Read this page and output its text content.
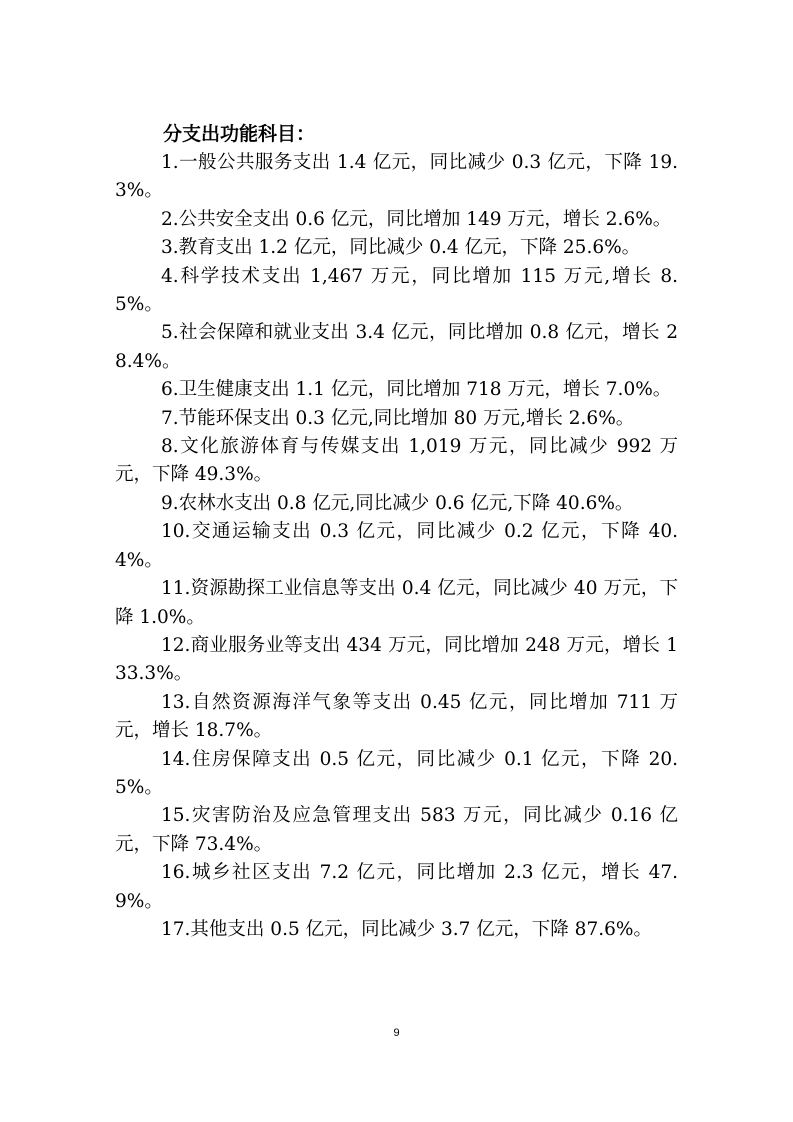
分支出功能科目：

1.一般公共服务支出 1.4 亿元，同比减少 0.3 亿元，下降 19.3%。

2.公共安全支出 0.6 亿元，同比增加 149 万元，增长 2.6%。

3.教育支出 1.2 亿元，同比减少 0.4 亿元，下降 25.6%。

4.科学技术支出 1,467 万元，同比增加 115 万元,增长 8.5%。

5.社会保障和就业支出 3.4 亿元，同比增加 0.8 亿元，增长 28.4%。

6.卫生健康支出 1.1 亿元，同比增加 718 万元，增长 7.0%。

7.节能环保支出 0.3 亿元,同比增加 80 万元,增长 2.6%。

8.文化旅游体育与传媒支出 1,019 万元，同比减少 992 万元，下降 49.3%。

9.农林水支出 0.8 亿元,同比减少 0.6 亿元,下降 40.6%。

10.交通运输支出 0.3 亿元，同比减少 0.2 亿元，下降 40.4%。

11.资源勘探工业信息等支出 0.4 亿元，同比减少 40 万元，下降 1.0%。

12.商业服务业等支出 434 万元，同比增加 248 万元，增长 133.3%。

13.自然资源海洋气象等支出 0.45 亿元，同比增加 711 万元，增长 18.7%。

14.住房保障支出 0.5 亿元，同比减少 0.1 亿元，下降 20.5%。

15.灾害防治及应急管理支出 583 万元，同比减少 0.16 亿元，下降 73.4%。

16.城乡社区支出 7.2 亿元，同比增加 2.3 亿元，增长 47.9%。

17.其他支出 0.5 亿元，同比减少 3.7 亿元，下降 87.6%。

9
